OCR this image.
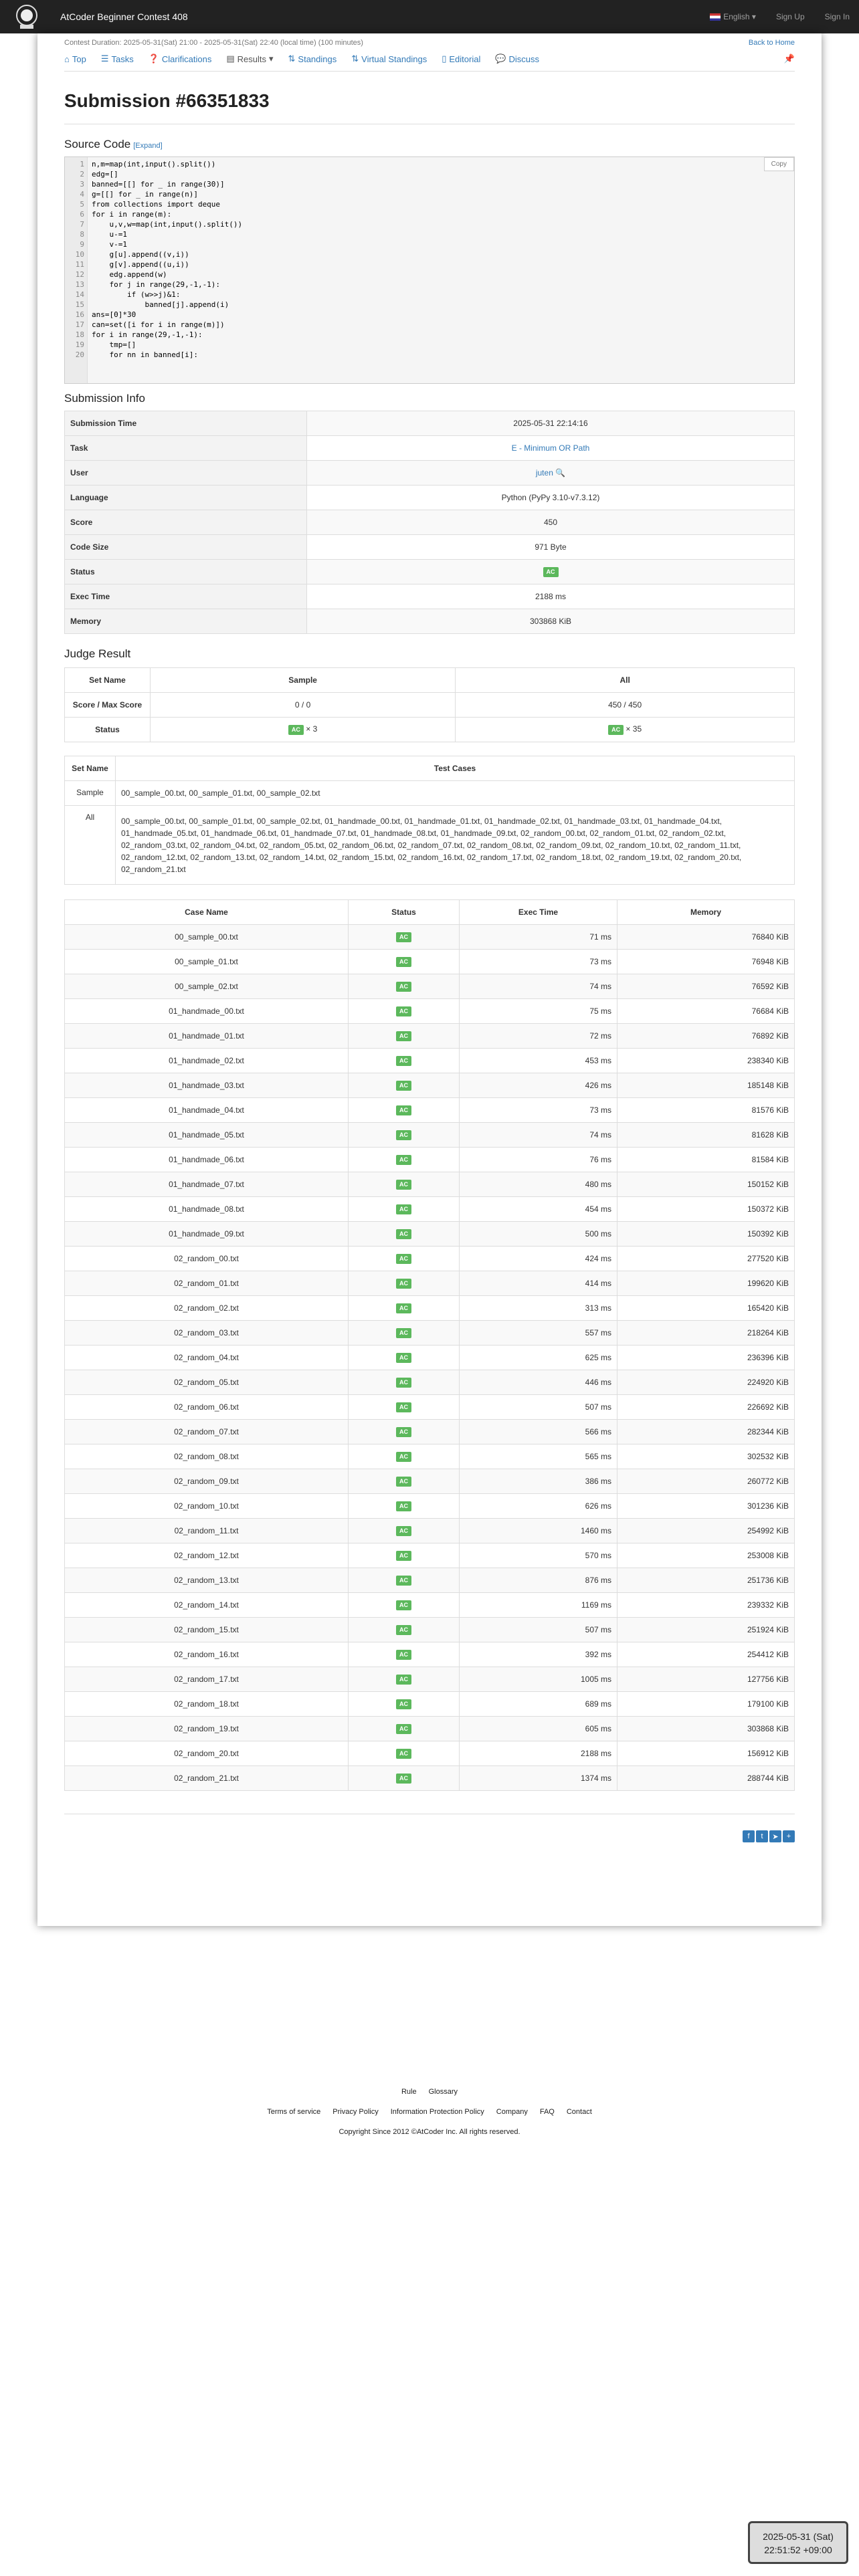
AtCoder Beginner Contest 408	English ▾	Sign Up	Sign In
Contest Duration: 2025-05-31(Sat) 21:00 - 2025-05-31(Sat) 22:40 (local time) (100 minutes)	Back to Home
⌂ Top ☰ Tasks ❓ Clarifications ▤ Results ▾ ⇅ Standings ⇅ Virtual Standings ▯ Editorial 💬 Discuss	📌
Submission #66351833
Source Code [Expand]
1
2
3
4
5
6
7
8
9
10
11
12
13
14
15
16
17
18
19
20
n,m=map(int,input().split())
edg=[]
banned=[[] for _ in range(30)]
g=[[] for _ in range(n)]
from collections import deque
for i in range(m):
u,v,w=map(int,input().split())
u-=1
v-=1
g[u].append((v,i))
g[v].append((u,i))
edg.append(w)
for j in range(29,-1,-1):
if (w>>j)&1:
banned[j].append(i)
ans=[0]*30
can=set([i for i in range(m)])
for i in range(29,-1,-1):
tmp=[]
for nn in banned[i]:
Copy
Submission Info
Submission Time	2025-05-31 22:14:16
Task	E - Minimum OR Path
User	juten 🔍
Language	Python (PyPy 3.10-v7.3.12)
Score	450
Code Size	971 Byte
Status	AC
Exec Time	2188 ms
Memory	303868 KiB
Judge Result
Set Name	Sample	All
Score / Max Score	0 / 0	450 / 450
Status	AC × 3	AC × 35
Set Name	Test Cases
Sample	00_sample_00.txt, 00_sample_01.txt, 00_sample_02.txt
All	00_sample_00.txt, 00_sample_01.txt, 00_sample_02.txt, 01_handmade_00.txt, 01_handmade_01.txt, 01_handmade_02.txt, 01_handmade_03.txt, 01_handmade_04.txt, 01_handmade_05.txt, 01_handmade_06.txt, 01_handmade_07.txt, 01_handmade_08.txt, 01_handmade_09.txt, 02_random_00.txt, 02_random_01.txt, 02_random_02.txt, 02_random_03.txt, 02_random_04.txt, 02_random_05.txt, 02_random_06.txt, 02_random_07.txt, 02_random_08.txt, 02_random_09.txt, 02_random_10.txt, 02_random_11.txt, 02_random_12.txt, 02_random_13.txt, 02_random_14.txt, 02_random_15.txt, 02_random_16.txt, 02_random_17.txt, 02_random_18.txt, 02_random_19.txt, 02_random_20.txt, 02_random_21.txt
Case Name	Status	Exec Time	Memory
00_sample_00.txt	AC	71 ms	76840 KiB
00_sample_01.txt	AC	73 ms	76948 KiB
00_sample_02.txt	AC	74 ms	76592 KiB
01_handmade_00.txt	AC	75 ms	76684 KiB
01_handmade_01.txt	AC	72 ms	76892 KiB
01_handmade_02.txt	AC	453 ms	238340 KiB
01_handmade_03.txt	AC	426 ms	185148 KiB
01_handmade_04.txt	AC	73 ms	81576 KiB
01_handmade_05.txt	AC	74 ms	81628 KiB
01_handmade_06.txt	AC	76 ms	81584 KiB
01_handmade_07.txt	AC	480 ms	150152 KiB
01_handmade_08.txt	AC	454 ms	150372 KiB
01_handmade_09.txt	AC	500 ms	150392 KiB
02_random_00.txt	AC	424 ms	277520 KiB
02_random_01.txt	AC	414 ms	199620 KiB
02_random_02.txt	AC	313 ms	165420 KiB
02_random_03.txt	AC	557 ms	218264 KiB
02_random_04.txt	AC	625 ms	236396 KiB
02_random_05.txt	AC	446 ms	224920 KiB
02_random_06.txt	AC	507 ms	226692 KiB
02_random_07.txt	AC	566 ms	282344 KiB
02_random_08.txt	AC	565 ms	302532 KiB
02_random_09.txt	AC	386 ms	260772 KiB
02_random_10.txt	AC	626 ms	301236 KiB
02_random_11.txt	AC	1460 ms	254992 KiB
02_random_12.txt	AC	570 ms	253008 KiB
02_random_13.txt	AC	876 ms	251736 KiB
02_random_14.txt	AC	1169 ms	239332 KiB
02_random_15.txt	AC	507 ms	251924 KiB
02_random_16.txt	AC	392 ms	254412 KiB
02_random_17.txt	AC	1005 ms	127756 KiB
02_random_18.txt	AC	689 ms	179100 KiB
02_random_19.txt	AC	605 ms	303868 KiB
02_random_20.txt	AC	2188 ms	156912 KiB
02_random_21.txt	AC	1374 ms	288744 KiB
f	t	➤	+
Rule Glossary
Terms of service Privacy Policy Information Protection Policy Company FAQ Contact
Copyright Since 2012 ©AtCoder Inc. All rights reserved.
2025-05-31 (Sat)
22:51:52 +09:00
